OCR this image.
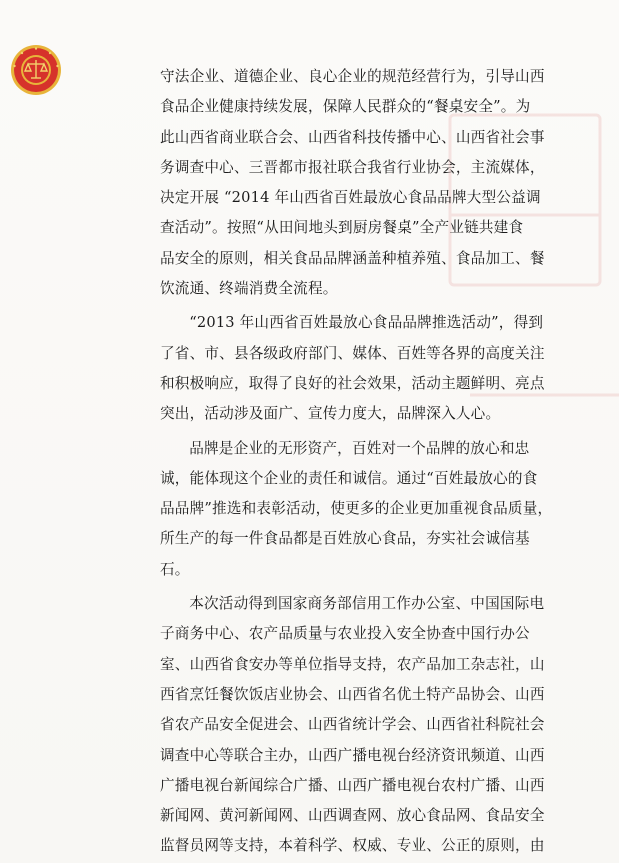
守法企业、道德企业、良心企业的规范经营行为，引导山西
食品企业健康持续发展，保障人民群众的“餐桌安全”。为
此山西省商业联合会、山西省科技传播中心、山西省社会事
务调查中心、三晋都市报社联合我省行业协会，主流媒体，
决定开展 “2014 年山西省百姓最放心食品品牌大型公益调
查活动”。按照“从田间地头到厨房餐桌”全产业链共建食
品安全的原则，相关食品品牌涵盖种植养殖、食品加工、餐
饮流通、终端消费全流程。
“2013 年山西省百姓最放心食品品牌推选活动”，得到
了省、市、县各级政府部门、媒体、百姓等各界的高度关注
和积极响应，取得了良好的社会效果，活动主题鲜明、亮点
突出，活动涉及面广、宣传力度大，品牌深入人心。
品牌是企业的无形资产，百姓对一个品牌的放心和忠
诚，能体现这个企业的责任和诚信。通过“百姓最放心的食
品品牌”推选和表彰活动，使更多的企业更加重视食品质量，
所生产的每一件食品都是百姓放心食品，夯实社会诚信基
石。
本次活动得到国家商务部信用工作办公室、中国国际电
子商务中心、农产品质量与农业投入安全协查中国行办公
室、山西省食安办等单位指导支持，农产品加工杂志社，山
西省烹饪餐饮饭店业协会、山西省名优土特产品协会、山西
省农产品安全促进会、山西省统计学会、山西省社科院社会
调查中心等联合主办，山西广播电视台经济资讯频道、山西
广播电视台新闻综合广播、山西广播电视台农村广播、山西
新闻网、黄河新闻网、山西调查网、放心食品网、食品安全
监督员网等支持，本着科学、权威、专业、公正的原则，由
